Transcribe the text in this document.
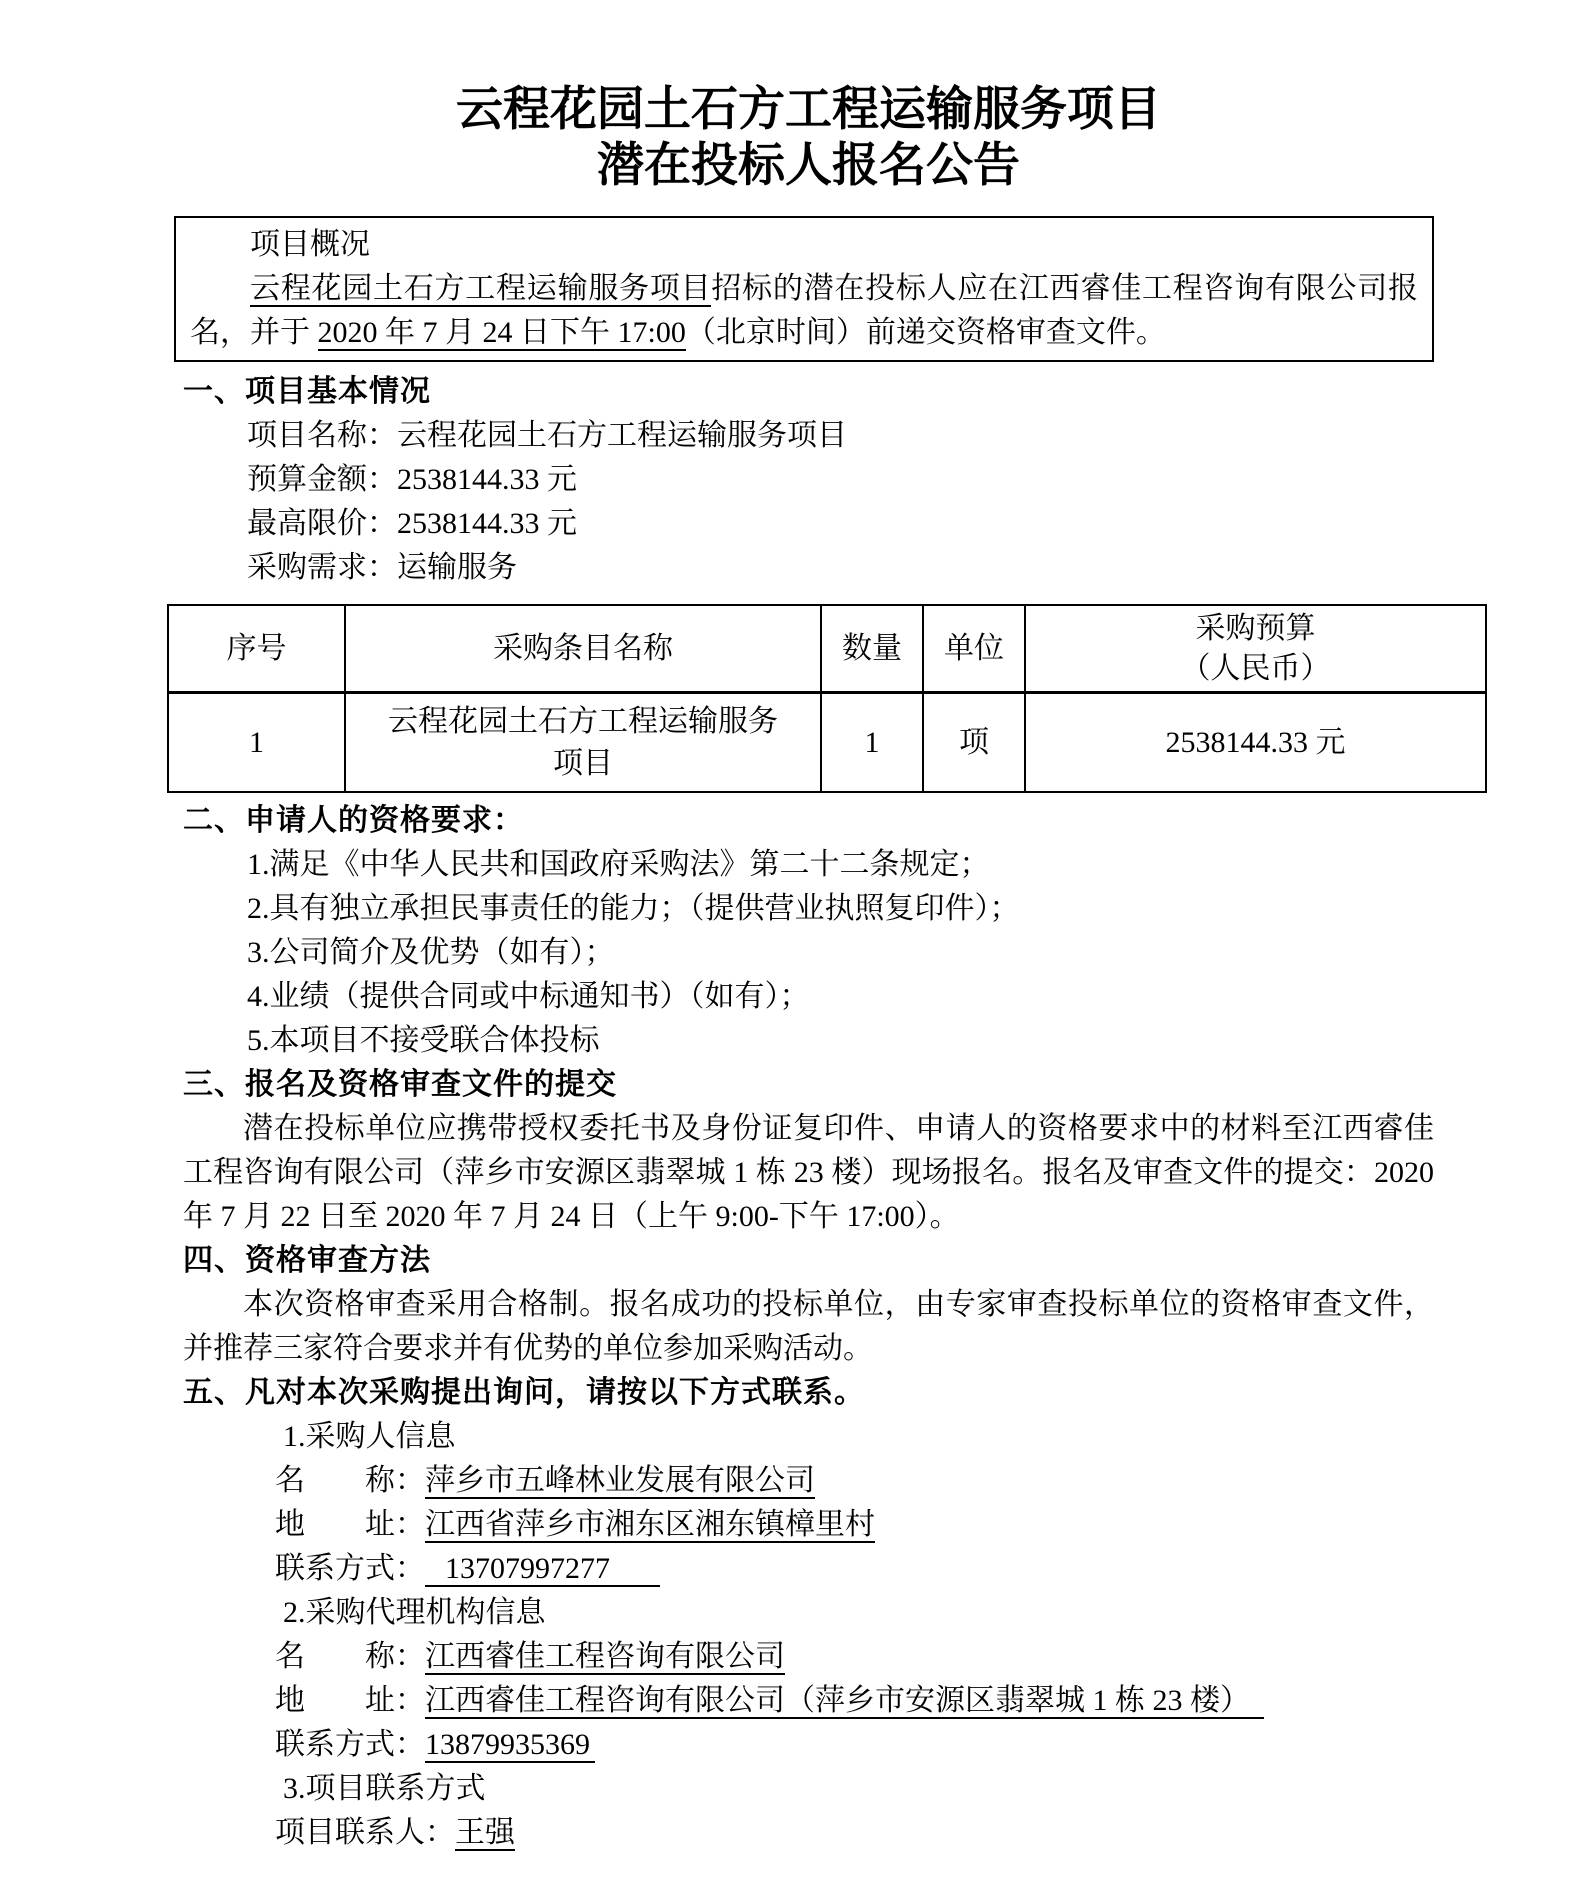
云程花园土石方工程运输服务项目
潜在投标人报名公告
项目概况
云程花园土石方工程运输服务项目招标的潜在投标人应在江西睿佳工程咨询有限公司报名，并于 2020 年 7 月 24 日下午 17:00（北京时间）前递交资格审查文件。
一、项目基本情况
项目名称：云程花园土石方工程运输服务项目
预算金额：2538144.33 元
最高限价：2538144.33 元
采购需求：运输服务
序号	采购条目名称	数量	单位	采购预算
（人民币）

1	云程花园土石方工程运输服务项目	1	项	2538144.33 元
二、申请人的资格要求：
1.满足《中华人民共和国政府采购法》第二十二条规定；
2.具有独立承担民事责任的能力；（提供营业执照复印件）；
3.公司简介及优势（如有）；
4.业绩（提供合同或中标通知书）（如有）；
5.本项目不接受联合体投标
三、报名及资格审查文件的提交
潜在投标单位应携带授权委托书及身份证复印件、申请人的资格要求中的材料至江西睿佳工程咨询有限公司（萍乡市安源区翡翠城 1 栋 23 楼）现场报名。报名及审查文件的提交：2020 年 7 月 22 日至 2020 年 7 月 24 日（上午 9:00-下午 17:00）。
四、资格审查方法
本次资格审查采用合格制。报名成功的投标单位，由专家审查投标单位的资格审查文件，并推荐三家符合要求并有优势的单位参加采购活动。
五、凡对本次采购提出询问，请按以下方式联系。
1.采购人信息
名　　称：萍乡市五峰林业发展有限公司
地　　址：江西省萍乡市湘东区湘东镇樟里村
联系方式： 13707997277
2.采购代理机构信息
名　　称：江西睿佳工程咨询有限公司
地　　址：江西睿佳工程咨询有限公司（萍乡市安源区翡翠城 1 栋 23 楼）
联系方式：13879935369
3.项目联系方式
项目联系人：王强
